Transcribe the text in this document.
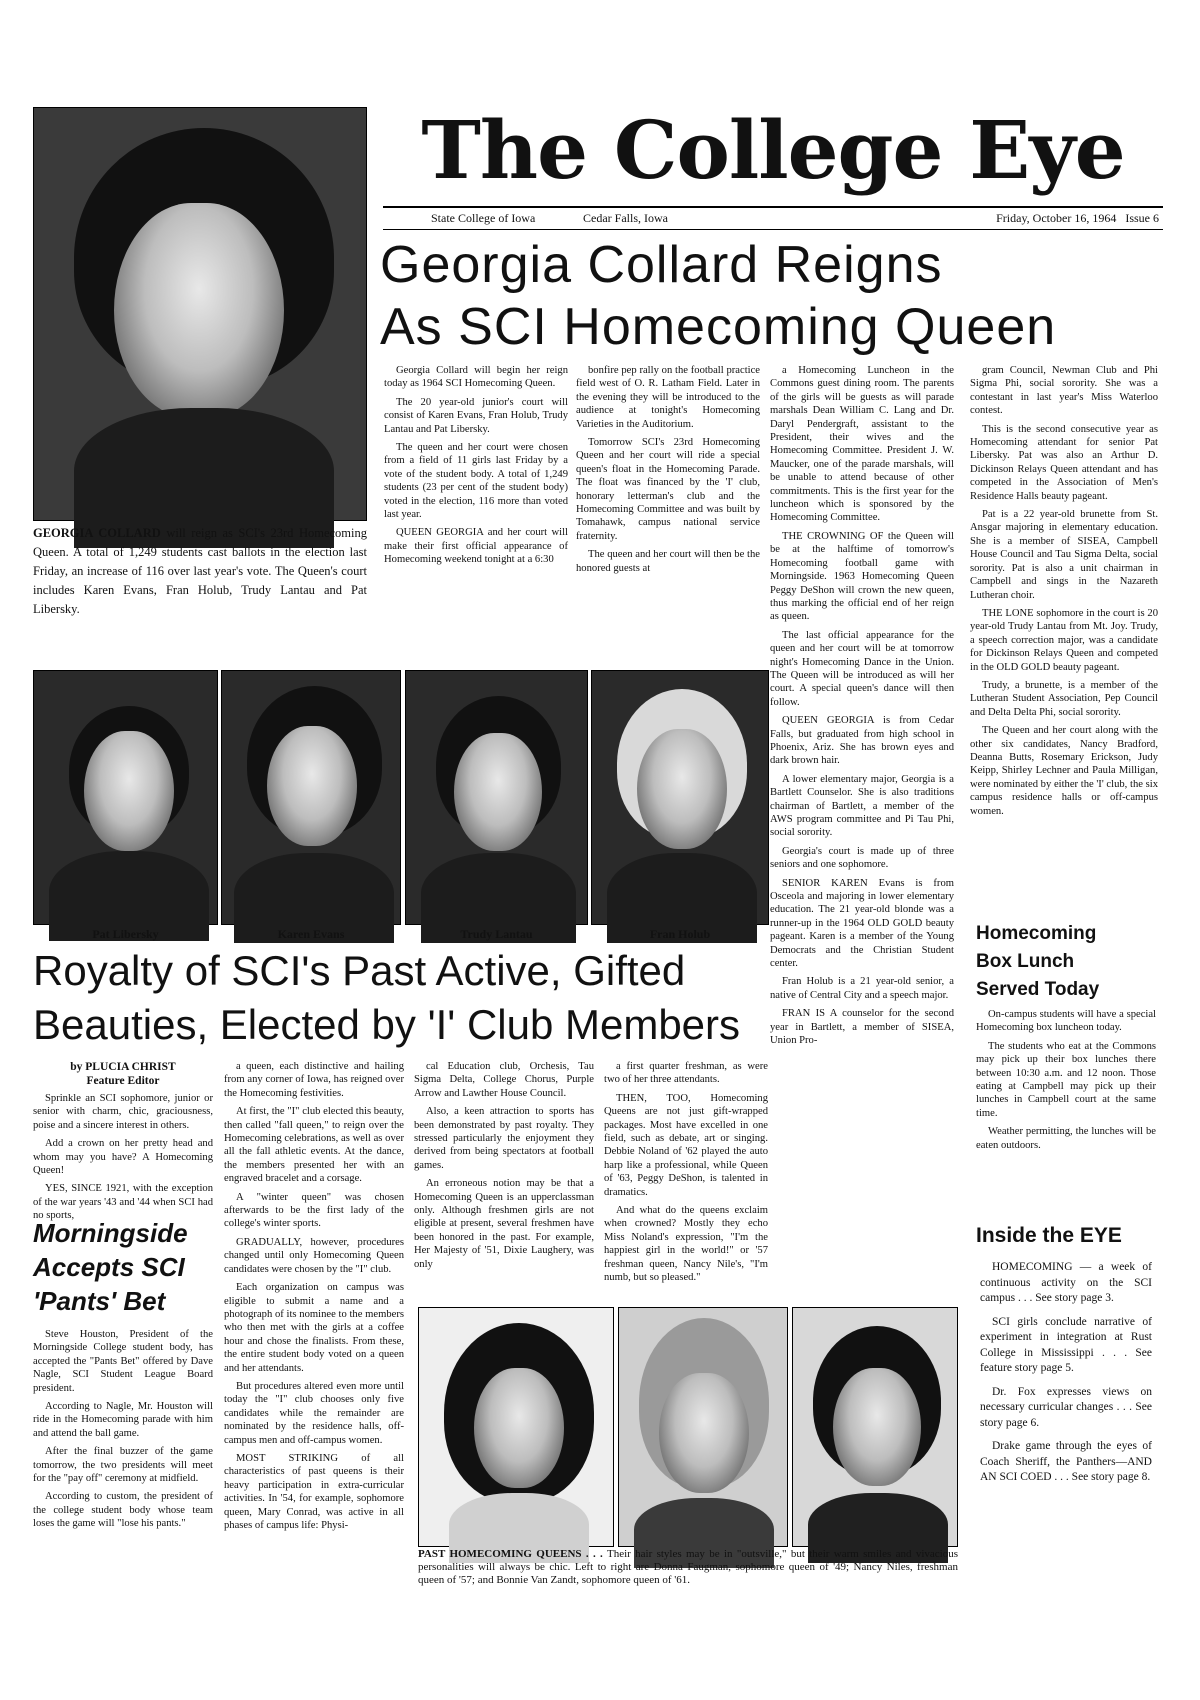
GEORGIA COLLARD will reign as SCI's 23rd Homecoming Queen. A total of 1,249 students cast ballots in the election last Friday, an increase of 116 over last year's vote. The Queen's court includes Karen Evans, Fran Holub, Trudy Lantau and Pat Libersky.
The College Eye
State College of Iowa	Cedar Falls, Iowa	Friday, October 16, 1964   Issue 6
Georgia Collard Reigns
As SCI Homecoming Queen

Georgia Collard will begin her reign today as 1964 SCI Homecoming Queen.

The 20 year-old junior's court will consist of Karen Evans, Fran Holub, Trudy Lantau and Pat Libersky.

The queen and her court were chosen from a field of 11 girls last Friday by a vote of the student body. A total of 1,249 students (23 per cent of the student body) voted in the election, 116 more than voted last year.

QUEEN GEORGIA and her court will make their first official appearance of Homecoming weekend tonight at a 6:30

bonfire pep rally on the football practice field west of O. R. Latham Field. Later in the evening they will be introduced to the audience at tonight's Homecoming Varieties in the Auditorium.

Tomorrow SCI's 23rd Homecoming Queen and her court will ride a special queen's float in the Homecoming Parade. The float was financed by the 'I' club, honorary letterman's club and the Homecoming Committee and was built by Tomahawk, campus national service fraternity.

The queen and her court will then be the honored guests at

a Homecoming Luncheon in the Commons guest dining room. The parents of the girls will be guests as will parade marshals Dean William C. Lang and Dr. Daryl Pendergraft, assistant to the President, their wives and the Homecoming Committee. President J. W. Maucker, one of the parade marshals, will be unable to attend because of other commitments. This is the first year for the luncheon which is sponsored by the Homecoming Committee.

THE CROWNING OF the Queen will be at the halftime of tomorrow's Homecoming football game with Morningside. 1963 Homecoming Queen Peggy DeShon will crown the new queen, thus marking the official end of her reign as queen.

The last official appearance for the queen and her court will be at tomorrow night's Homecoming Dance in the Union. The Queen will be introduced as will her court. A special queen's dance will then follow.

QUEEN GEORGIA is from Cedar Falls, but graduated from high school in Phoenix, Ariz. She has brown eyes and dark brown hair.

A lower elementary major, Georgia is a Bartlett Counselor. She is also traditions chairman of Bartlett, a member of the AWS program committee and Pi Tau Phi, social sorority.

Georgia's court is made up of three seniors and one sophomore.

SENIOR KAREN Evans is from Osceola and majoring in lower elementary education. The 21 year-old blonde was a runner-up in the 1964 OLD GOLD beauty pageant. Karen is a member of the Young Democrats and the Christian Student center.

Fran Holub is a 21 year-old senior, a native of Central City and a speech major.

FRAN IS A counselor for the second year in Bartlett, a member of SISEA, Union Pro-

gram Council, Newman Club and Phi Sigma Phi, social sorority. She was a contestant in last year's Miss Waterloo contest.

This is the second consecutive year as Homecoming attendant for senior Pat Libersky. Pat was also an Arthur D. Dickinson Relays Queen attendant and has competed in the Association of Men's Residence Halls beauty pageant.

Pat is a 22 year-old brunette from St. Ansgar majoring in elementary education. She is a member of SISEA, Campbell House Council and Tau Sigma Delta, social sorority. Pat is also a unit chairman in Campbell and sings in the Nazareth Lutheran choir.

THE LONE sophomore in the court is 20 year-old Trudy Lantau from Mt. Joy. Trudy, a speech correction major, was a candidate for Dickinson Relays Queen and competed in the OLD GOLD beauty pageant.

Trudy, a brunette, is a member of the Lutheran Student Association, Pep Council and Delta Delta Phi, social sorority.

The Queen and her court along with the other six candidates, Nancy Bradford, Deanna Butts, Rosemary Erickson, Judy Keipp, Shirley Lechner and Paula Milligan, were nominated by either the 'I' club, the six campus residence halls or off-campus women.

Pat Libersky	Karen Evans	Trudy Lantau	Fran Holub
Royalty of SCI's Past Active, Gifted
Beauties, Elected by 'I' Club Members
by PLUCIA CHRIST
Feature Editor

Sprinkle an SCI sophomore, junior or senior with charm, chic, graciousness, poise and a sincere interest in others.

Add a crown on her pretty head and whom may you have? A Homecoming Queen!

YES, SINCE 1921, with the exception of the war years '43 and '44 when SCI had no sports,

Morningside
Accepts SCI
'Pants' Bet

Steve Houston, President of the Morningside College student body, has accepted the "Pants Bet" offered by Dave Nagle, SCI Student League Board president.

According to Nagle, Mr. Houston will ride in the Homecoming parade with him and attend the ball game.

After the final buzzer of the game tomorrow, the two presidents will meet for the "pay off" ceremony at midfield.

According to custom, the president of the college student body whose team loses the game will "lose his pants."

a queen, each distinctive and hailing from any corner of Iowa, has reigned over the Homecoming festivities.

At first, the "I" club elected this beauty, then called "fall queen," to reign over the Homecoming celebrations, as well as over all the fall athletic events. At the dance, the members presented her with an engraved bracelet and a corsage.

A "winter queen" was chosen afterwards to be the first lady of the college's winter sports.

GRADUALLY, however, procedures changed until only Homecoming Queen candidates were chosen by the "I" club.

Each organization on campus was eligible to submit a name and a photograph of its nominee to the members who then met with the girls at a coffee hour and chose the finalists. From these, the entire student body voted on a queen and her attendants.

But procedures altered even more until today the "I" club chooses only five candidates while the remainder are nominated by the residence halls, off-campus men and off-campus women.

MOST STRIKING of all characteristics of past queens is their heavy participation in extra-curricular activities. In '54, for example, sophomore queen, Mary Conrad, was active in all phases of campus life: Physi-

cal Education club, Orchesis, Tau Sigma Delta, College Chorus, Purple Arrow and Lawther House Council.

Also, a keen attraction to sports has been demonstrated by past royalty. They stressed particularly the enjoyment they derived from being spectators at football games.

An erroneous notion may be that a Homecoming Queen is an upperclassman only. Although freshmen girls are not eligible at present, several freshmen have been honored in the past. For example, Her Majesty of '51, Dixie Laughery, was only

a first quarter freshman, as were two of her three attendants.

THEN, TOO, Homecoming Queens are not just gift-wrapped packages. Most have excelled in one field, such as debate, art or singing. Debbie Noland of '62 played the auto harp like a professional, while Queen of '63, Peggy DeShon, is talented in dramatics.

And what do the queens exclaim when crowned? Mostly they echo Miss Noland's expression, "I'm the happiest girl in the world!" or '57 freshman queen, Nancy Nile's, "I'm numb, but so pleased."

PAST HOMECOMING QUEENS . . . Their hair styles may be in "outsville," but their warm smiles and vivacious personalities will always be chic. Left to right are Donna Faugman, sophomore queen of '49; Nancy Niles, freshman queen of '57; and Bonnie Van Zandt, sophomore queen of '61.
Homecoming
Box Lunch
Served Today

On-campus students will have a special Homecoming box luncheon today.

The students who eat at the Commons may pick up their box lunches there between 10:30 a.m. and 12 noon. Those eating at Campbell may pick up their lunches in Campbell court at the same time.

Weather permitting, the lunches will be eaten outdoors.

Inside the EYE

HOMECOMING — a week of continuous activity on the SCI campus . . . See story page 3.

SCI girls conclude narrative of experiment in integration at Rust College in Mississippi . . . See feature story page 5.

Dr. Fox expresses views on necessary curricular changes . . . See story page 6.

Drake game through the eyes of Coach Sheriff, the Panthers—AND AN SCI COED . . . See story page 8.
